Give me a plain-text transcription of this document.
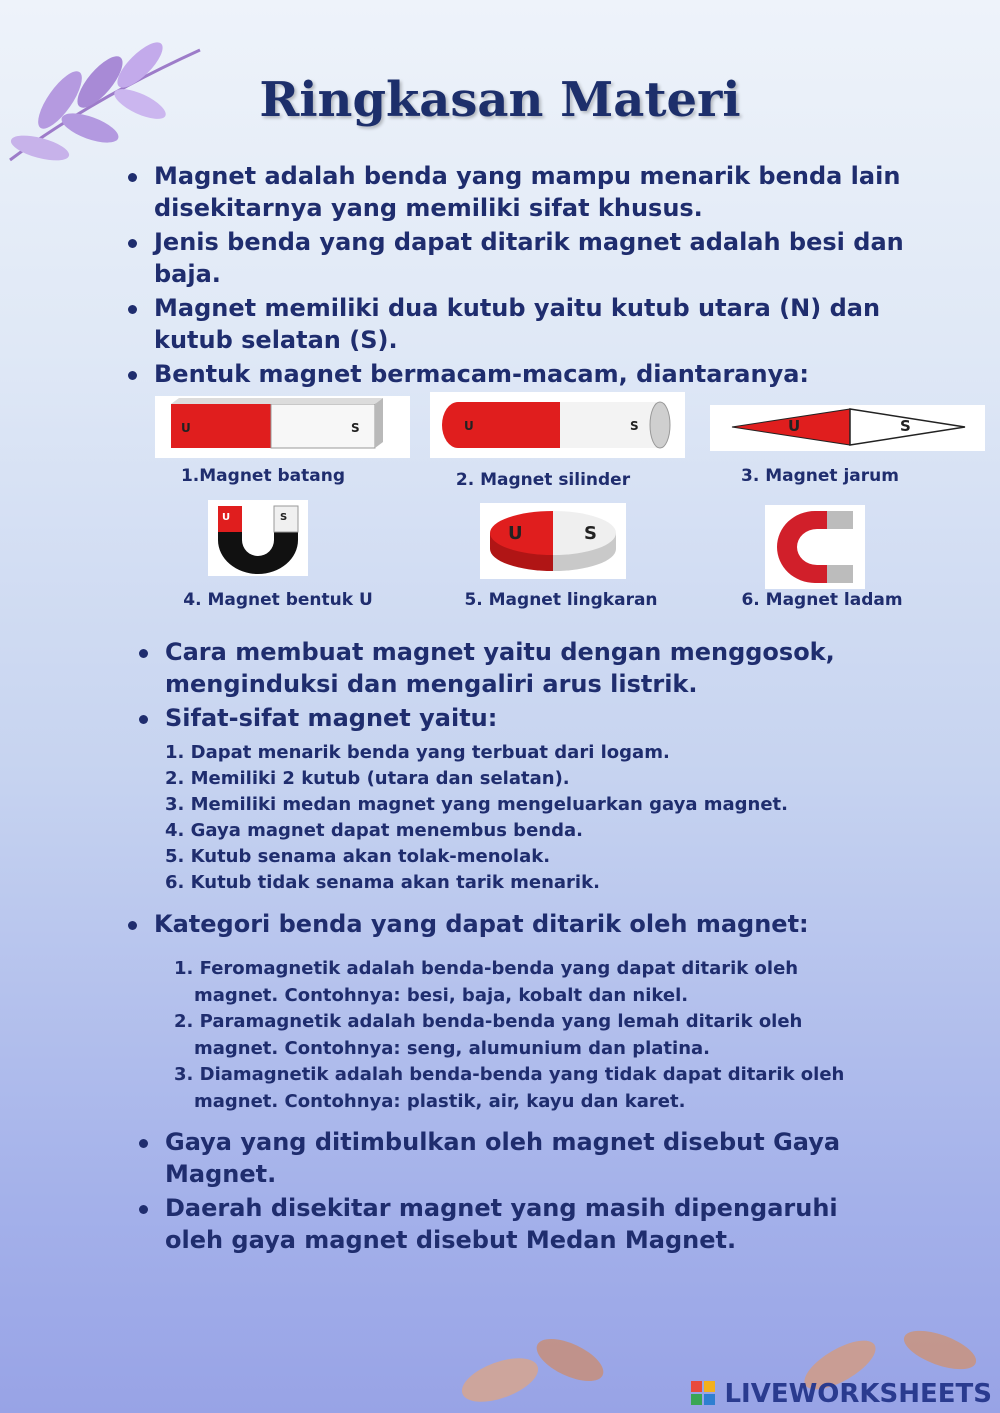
Ringkasan Materi
Magnet adalah benda yang mampu menarik benda lain disekitarnya yang memiliki sifat khusus.
Jenis benda yang dapat ditarik magnet adalah besi dan baja.
Magnet memiliki dua kutub yaitu kutub utara (N) dan kutub selatan (S).
Bentuk magnet bermacam-macam, diantaranya:
U	S
1.Magnet batang
U	S
2. Magnet silinder
U	S
3. Magnet jarum
U	S
4. Magnet bentuk U
U	S
5. Magnet lingkaran	6. Magnet ladam
Cara membuat magnet yaitu dengan menggosok, menginduksi dan mengaliri arus listrik.
Sifat-sifat magnet yaitu:
1. Dapat menarik benda yang terbuat dari logam.
2. Memiliki 2 kutub (utara dan selatan).
3. Memiliki medan magnet yang mengeluarkan gaya magnet.
4. Gaya magnet dapat menembus benda.
5. Kutub senama akan tolak-menolak.
6. Kutub tidak senama akan tarik menarik.
Kategori benda yang dapat ditarik oleh magnet:
1. Feromagnetik adalah benda-benda yang dapat ditarik oleh magnet. Contohnya: besi, baja, kobalt dan nikel.
2. Paramagnetik adalah benda-benda yang lemah ditarik oleh magnet. Contohnya: seng, alumunium dan platina.
3. Diamagnetik adalah benda-benda yang tidak dapat ditarik oleh magnet. Contohnya: plastik, air, kayu dan karet.
Gaya yang ditimbulkan oleh magnet disebut Gaya Magnet.
Daerah disekitar magnet yang masih dipengaruhi oleh gaya magnet disebut Medan Magnet.
LIVEWORKSHEETS
